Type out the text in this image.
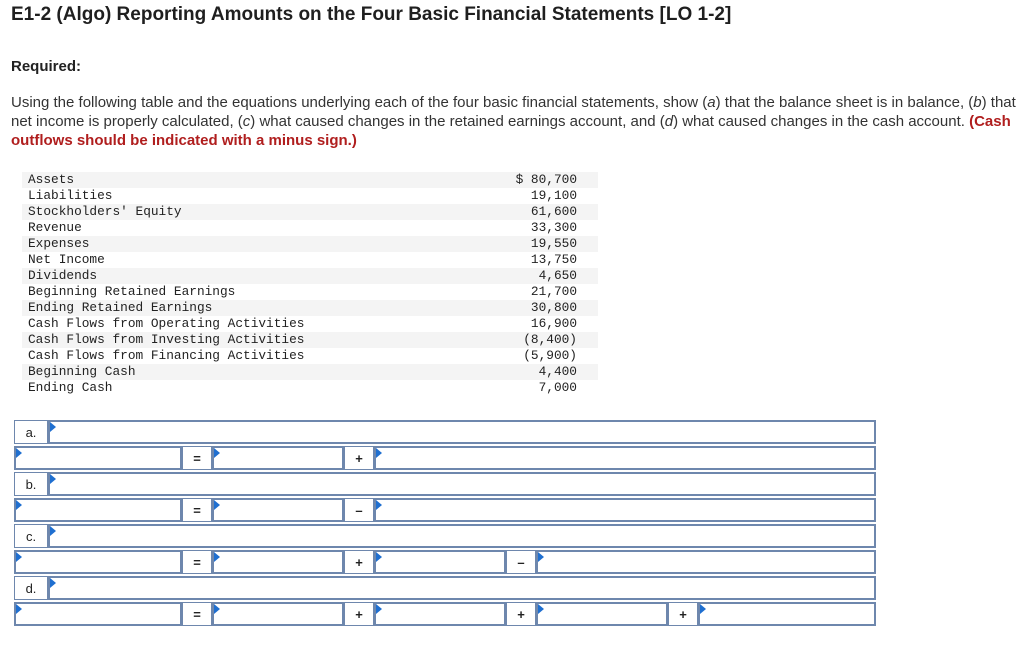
E1-2 (Algo) Reporting Amounts on the Four Basic Financial Statements [LO 1-2]
Required:
Using the following table and the equations underlying each of the four basic financial statements, show (a) that the balance sheet is in balance, (b) that net income is properly calculated, (c) what caused changes in the retained earnings account, and (d) what caused changes in the cash account. (Cash outflows should be indicated with a minus sign.)
Assets	$ 80,700
Liabilities	19,100
Stockholders' Equity	61,600
Revenue	33,300
Expenses	19,550
Net Income	13,750
Dividends	4,650
Beginning Retained Earnings	21,700
Ending Retained Earnings	30,800
Cash Flows from Operating Activities	16,900
Cash Flows from Investing Activities	(8,400)
Cash Flows from Financing Activities	(5,900)
Beginning Cash	4,400
Ending Cash	7,000
a.
=	+
b.
=	–
c.
=	+	–
d.
=	+	+	+
